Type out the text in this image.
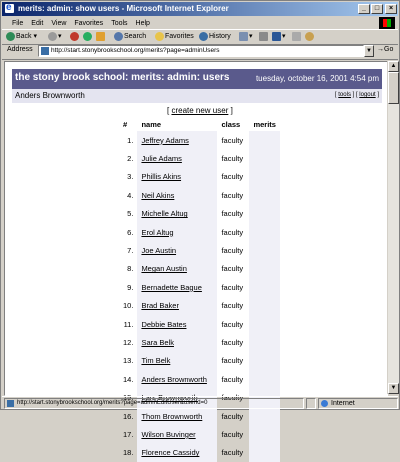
e
merits: admin: show users - Microsoft Internet Explorer	_	□	×
File Edit View Favorites Tools Help
Back ▾	▾	Search	Favorites	History	▾	▾
Address	http://start.stonybrookschool.org/merits?page=adminUsers	▼ →Go
the stony brook school: merits: admin: users	tuesday, october 16, 2001 4:54 pm
Anders Brownworth	[ tools ] [ logout ]
[ create new user ]
#	name	class	merits
1.	Jeffrey Adams	faculty	
2.	Julie Adams	faculty	
3.	Phillis Akins	faculty	
4.	Neil Akins	faculty	
5.	Michelle Altug	faculty	
6.	Erol Altug	faculty	
7.	Joe Austin	faculty	
8.	Megan Austin	faculty	
9.	Bernadette Bague	faculty	
10.	Brad Baker	faculty	
11.	Debbie Bates	faculty	
12.	Sara Belk	faculty	
13.	Tim Belk	faculty	
14.	Anders Brownworth	faculty	
15.	Lars Brownworth	faculty	
16.	Thom Brownworth	faculty	
17.	Wilson Buvinger	faculty	
18.	Florence Cassidy	faculty	
▲
▼
http://start.stonybrookschool.org/merits?page=adminEditUser&userId=0	Internet
